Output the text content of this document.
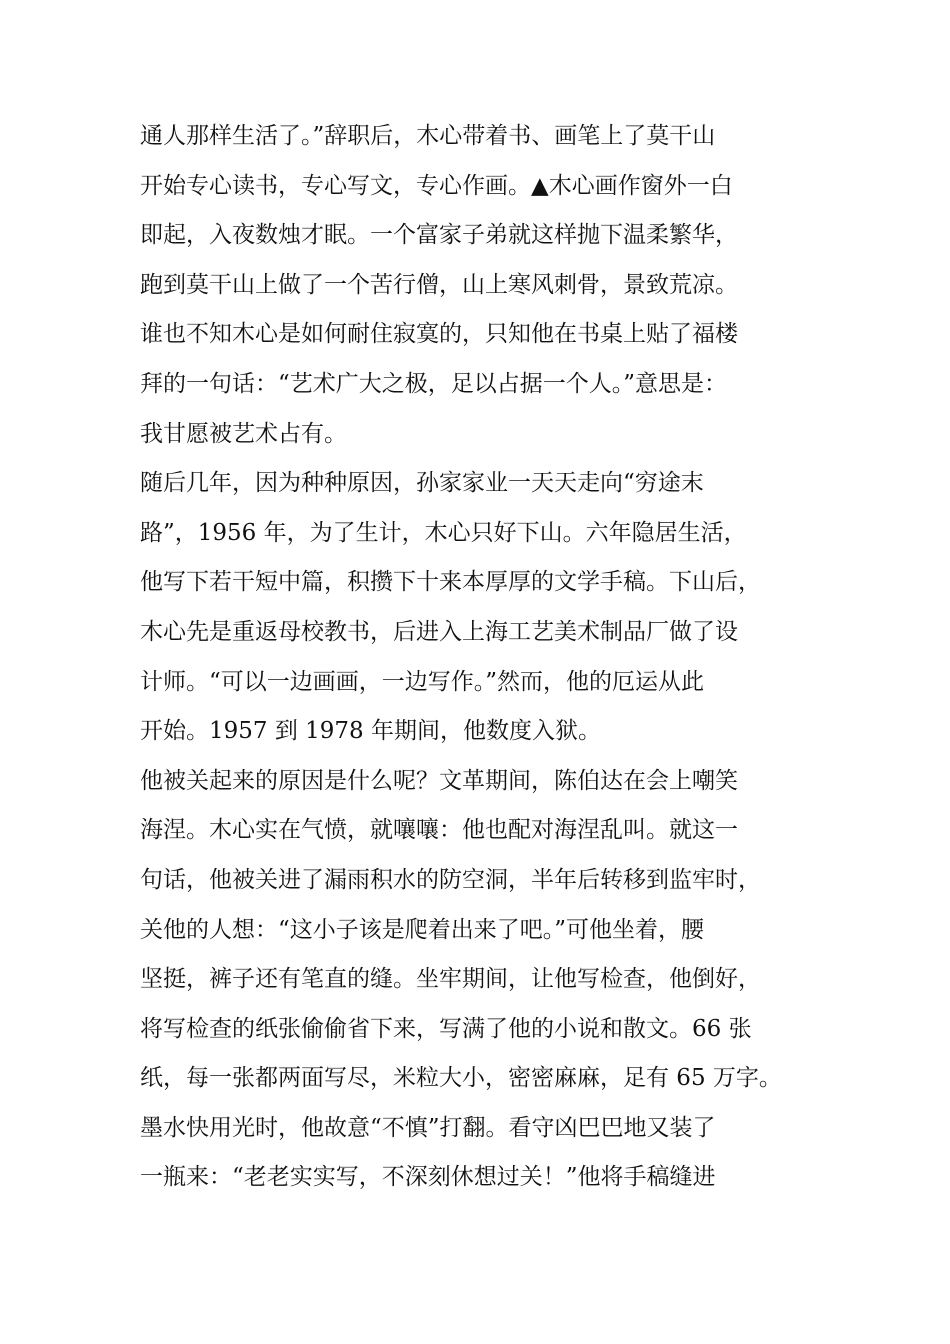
通人那样生活了。”辞职后，木心带着书、画笔上了莫干山
开始专心读书，专心写文，专心作画。▲木心画作窗外一白
即起，入夜数烛才眠。一个富家子弟就这样抛下温柔繁华，
跑到莫干山上做了一个苦行僧，山上寒风刺骨，景致荒凉。
谁也不知木心是如何耐住寂寞的，只知他在书桌上贴了福楼
拜的一句话：“艺术广大之极，足以占据一个人。”意思是：
我甘愿被艺术占有。
随后几年，因为种种原因，孙家家业一天天走向“穷途末
路”，1956 年，为了生计，木心只好下山。六年隐居生活，
他写下若干短中篇，积攒下十来本厚厚的文学手稿。下山后，
木心先是重返母校教书，后进入上海工艺美术制品厂做了设
计师。“可以一边画画，一边写作。”然而，他的厄运从此
开始。1957 到 1978 年期间，他数度入狱。
他被关起来的原因是什么呢？文革期间，陈伯达在会上嘲笑
海涅。木心实在气愤，就嚷嚷：他也配对海涅乱叫。就这一
句话，他被关进了漏雨积水的防空洞，半年后转移到监牢时，
关他的人想：“这小子该是爬着出来了吧。”可他坐着，腰
坚挺，裤子还有笔直的缝。坐牢期间，让他写检查，他倒好，
将写检查的纸张偷偷省下来，写满了他的小说和散文。66 张
纸，每一张都两面写尽，米粒大小，密密麻麻，足有 65 万字。
墨水快用光时，他故意“不慎”打翻。看守凶巴巴地又装了
一瓶来：“老老实实写，不深刻休想过关！”他将手稿缝进
